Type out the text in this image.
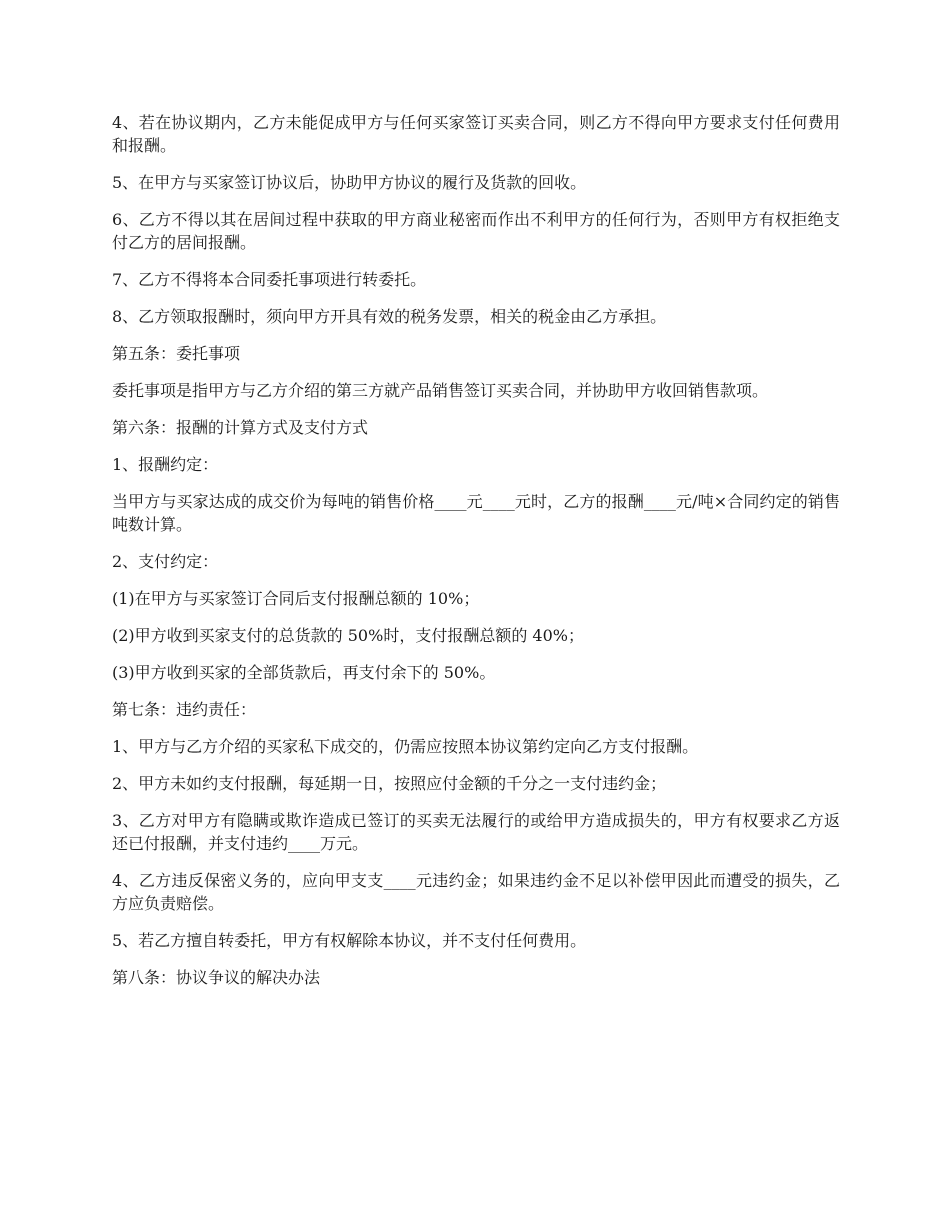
4、若在协议期内，乙方未能促成甲方与任何买家签订买卖合同，则乙方不得向甲方要求支付任何费用和报酬。

5、在甲方与买家签订协议后，协助甲方协议的履行及货款的回收。

6、乙方不得以其在居间过程中获取的甲方商业秘密而作出不利甲方的任何行为，否则甲方有权拒绝支付乙方的居间报酬。

7、乙方不得将本合同委托事项进行转委托。

8、乙方领取报酬时，须向甲方开具有效的税务发票，相关的税金由乙方承担。

第五条：委托事项

委托事项是指甲方与乙方介绍的第三方就产品销售签订买卖合同，并协助甲方收回销售款项。

第六条：报酬的计算方式及支付方式

1、报酬约定：

当甲方与买家达成的成交价为每吨的销售价格____元____元时，乙方的报酬____元/吨×合同约定的销售吨数计算。

2、支付约定：

(1)在甲方与买家签订合同后支付报酬总额的 10%；

(2)甲方收到买家支付的总货款的 50%时，支付报酬总额的 40%；

(3)甲方收到买家的全部货款后，再支付余下的 50%。

第七条：违约责任：

1、甲方与乙方介绍的买家私下成交的，仍需应按照本协议第约定向乙方支付报酬。

2、甲方未如约支付报酬，每延期一日，按照应付金额的千分之一支付违约金；

3、乙方对甲方有隐瞒或欺诈造成已签订的买卖无法履行的或给甲方造成损失的，甲方有权要求乙方返还已付报酬，并支付违约____万元。

4、乙方违反保密义务的，应向甲支支____元违约金；如果违约金不足以补偿甲因此而遭受的损失，乙方应负责赔偿。

5、若乙方擅自转委托，甲方有权解除本协议，并不支付任何费用。

第八条：协议争议的解决办法
